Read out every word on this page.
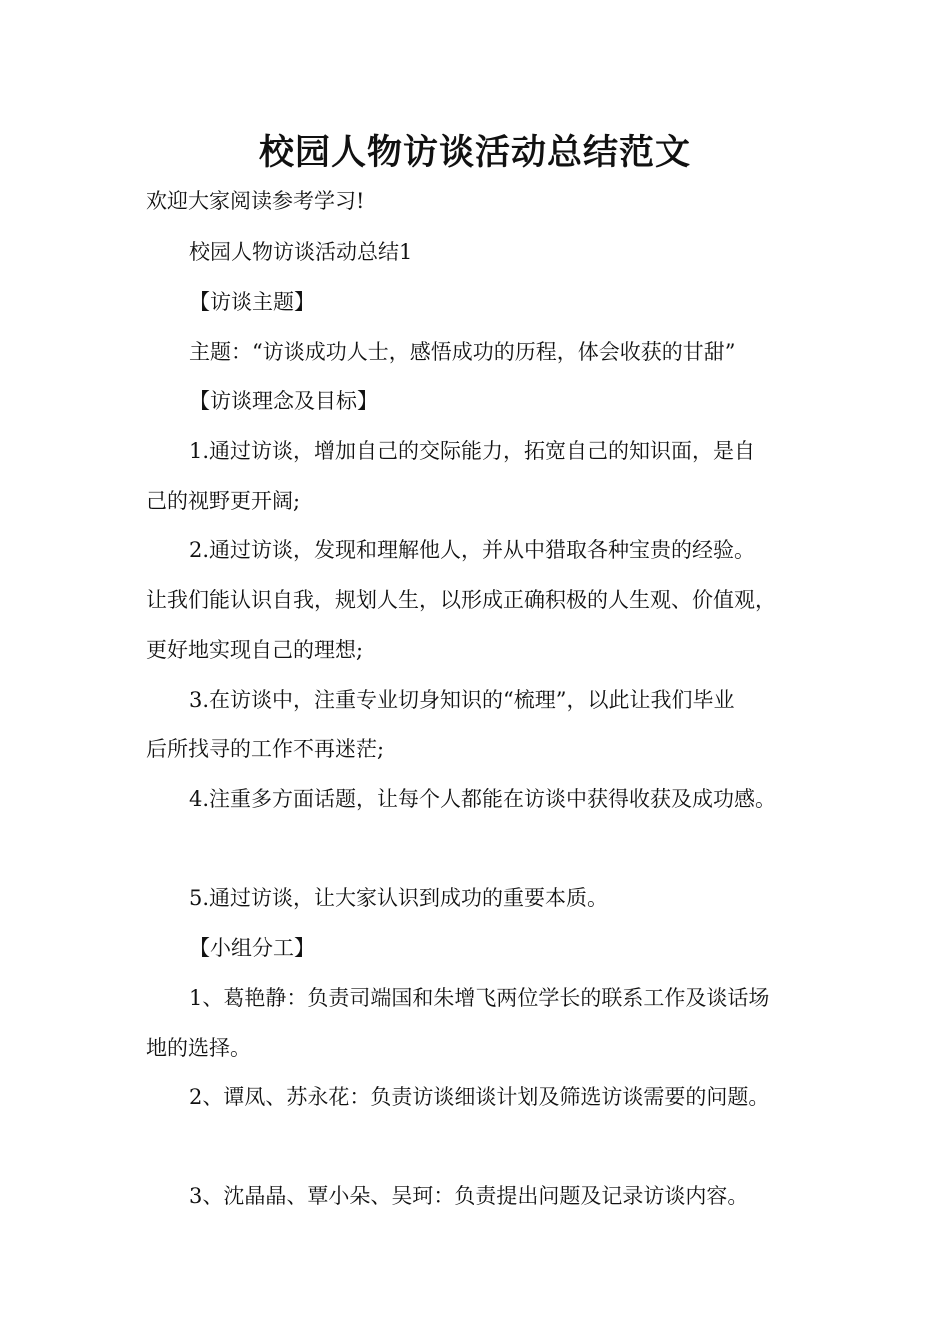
校园人物访谈活动总结范文

欢迎大家阅读参考学习!

校园人物访谈活动总结1

【访谈主题】

主题：“访谈成功人士，感悟成功的历程，体会收获的甘甜”

【访谈理念及目标】

1.通过访谈，增加自己的交际能力，拓宽自己的知识面，是自

己的视野更开阔;

2.通过访谈，发现和理解他人，并从中猎取各种宝贵的经验。

让我们能认识自我，规划人生，以形成正确积极的人生观、价值观，

更好地实现自己的理想;

3.在访谈中，注重专业切身知识的“梳理”，以此让我们毕业

后所找寻的工作不再迷茫;

4.注重多方面话题，让每个人都能在访谈中获得收获及成功感。

5.通过访谈，让大家认识到成功的重要本质。

【小组分工】

1、葛艳静：负责司端国和朱增飞两位学长的联系工作及谈话场

地的选择。

2、谭凤、苏永花：负责访谈细谈计划及筛选访谈需要的问题。

3、沈晶晶、覃小朵、吴珂：负责提出问题及记录访谈内容。
